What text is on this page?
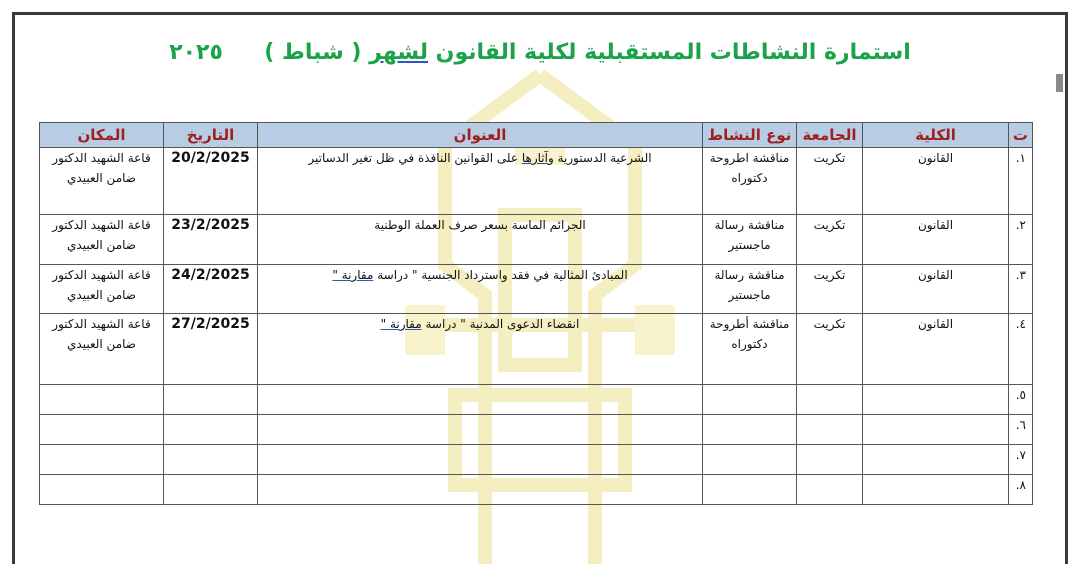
استمارة النشاطات المستقبلية لكلية القانون لشهر ( شباط )  ٢٠٢٥
ت	الكلية	الجامعة	نوع النشاط	العنوان	التاريخ	المكان
١.	القانون	تكريت	مناقشة اطروحة دكتوراه	الشرعية الدستورية وآثارها على القوانين النافذة في ظل تغير الدساتير	20/2/2025	قاعة الشهيد الدكتور ضامن العبيدي
٢.	القانون	تكريت	مناقشة رسالة ماجستير	الجرائم الماسة بسعر صرف العملة الوطنية	23/2/2025	قاعة الشهيد الدكتور ضامن العبيدي
٣.	القانون	تكريت	مناقشة رسالة ماجستير	المبادئ المثالية في فقد واسترداد الجنسية " دراسة مقارنة "	24/2/2025	قاعة الشهيد الدكتور ضامن العبيدي
٤.	القانون	تكريت	مناقشة أطروحة دكتوراه	انقضاء الدعوى المدنية " دراسة مقارنة "	27/2/2025	قاعة الشهيد الدكتور ضامن العبيدي
٥.						
٦.						
٧.						
٨.						
